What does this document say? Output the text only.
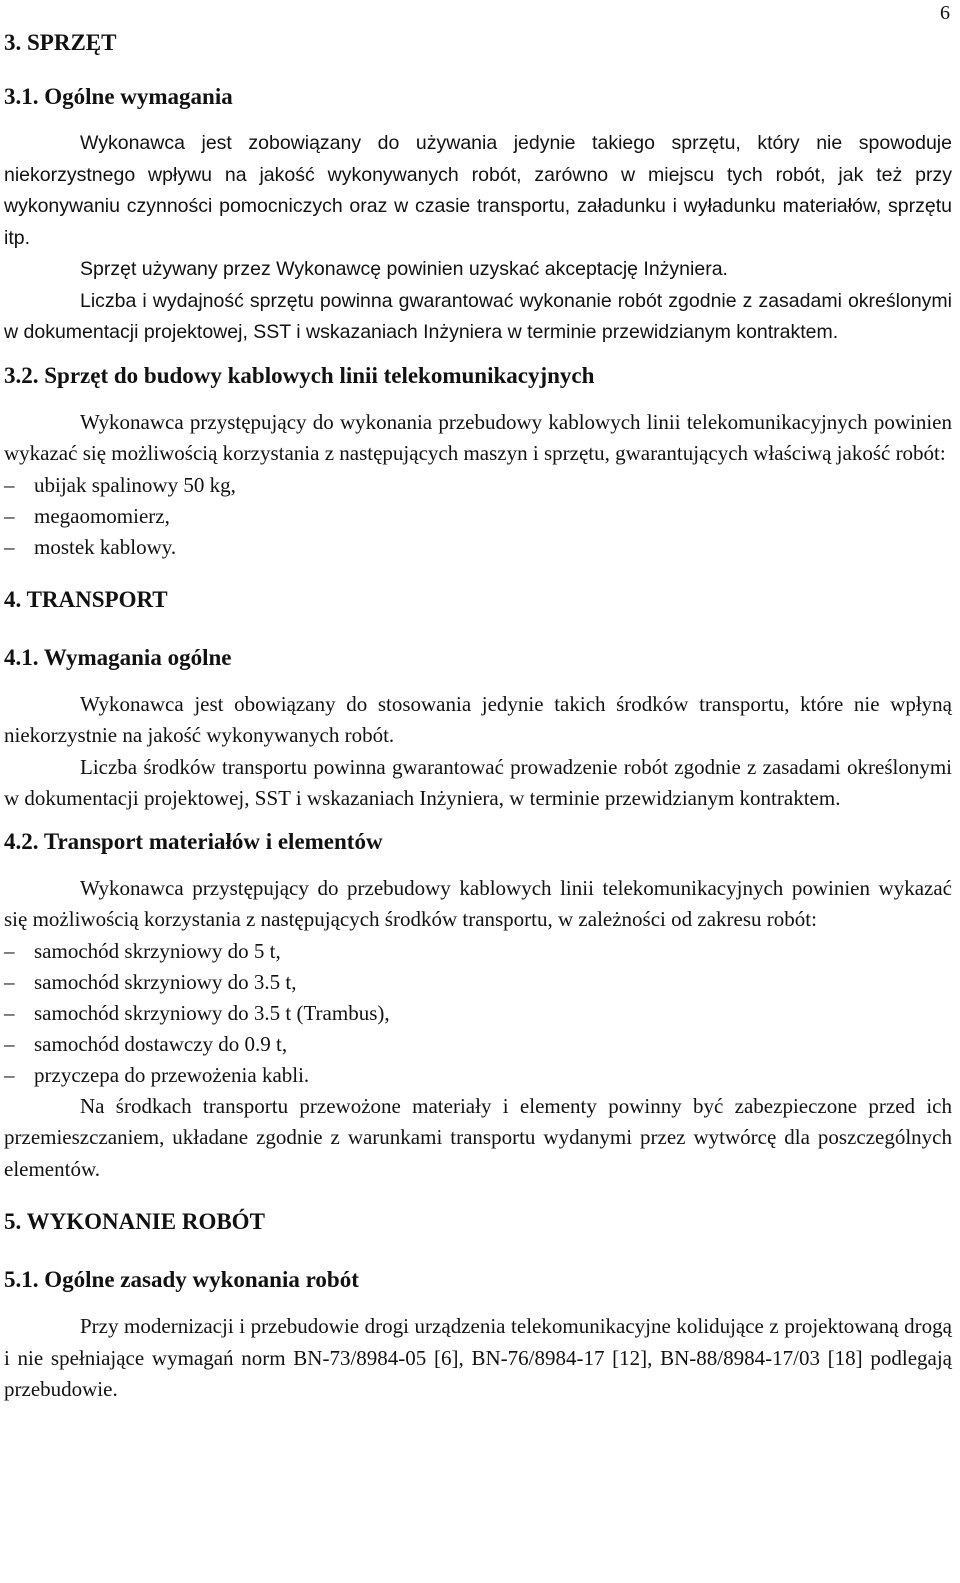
6
3. SPRZĘT
3.1. Ogólne wymagania

Wykonawca jest zobowiązany do używania jedynie takiego sprzętu, który nie spowoduje niekorzystnego wpływu na jakość wykonywanych robót, zarówno w miejscu tych robót, jak też przy wykonywaniu czynności pomocniczych oraz w czasie transportu, załadunku i wyładunku materiałów, sprzętu itp.

Sprzęt używany przez Wykonawcę powinien uzyskać akceptację Inżyniera.

Liczba i wydajność sprzętu powinna gwarantować wykonanie robót zgodnie z zasadami określonymi w dokumentacji projektowej, SST i wskazaniach Inżyniera w terminie przewidzianym kontraktem.

3.2. Sprzęt do budowy kablowych linii telekomunikacyjnych

Wykonawca przystępujący do wykonania przebudowy kablowych linii telekomunikacyjnych powinien wykazać się możliwością korzystania z następujących maszyn i sprzętu, gwarantujących właściwą jakość robót:

– ubijak spalinowy 50 kg,
– megaomomierz,
– mostek kablowy.
4. TRANSPORT
4.1. Wymagania ogólne

Wykonawca jest obowiązany do stosowania jedynie takich środków transportu, które nie wpłyną niekorzystnie na jakość wykonywanych robót.

Liczba środków transportu powinna gwarantować prowadzenie robót zgodnie z zasadami określonymi w dokumentacji projektowej, SST i wskazaniach Inżyniera, w terminie przewidzianym kontraktem.

4.2. Transport materiałów i elementów

Wykonawca przystępujący do przebudowy kablowych linii telekomunikacyjnych powinien wykazać się możliwością korzystania z następujących środków transportu, w zależności od zakresu robót:

– samochód skrzyniowy do 5 t,
– samochód skrzyniowy do 3.5 t,
– samochód skrzyniowy do 3.5 t (Trambus),
– samochód dostawczy do 0.9 t,
– przyczepa do przewożenia kabli.

Na środkach transportu przewożone materiały i elementy powinny być zabezpieczone przed ich przemieszczaniem, układane zgodnie z warunkami transportu wydanymi przez wytwórcę dla poszczególnych elementów.

5. WYKONANIE ROBÓT
5.1. Ogólne zasady wykonania robót

Przy modernizacji i przebudowie drogi urządzenia telekomunikacyjne kolidujące z projektowaną drogą i nie spełniające wymagań norm BN-73/8984-05 [6], BN-76/8984-17 [12], BN-88/8984-17/03 [18] podlegają przebudowie.
